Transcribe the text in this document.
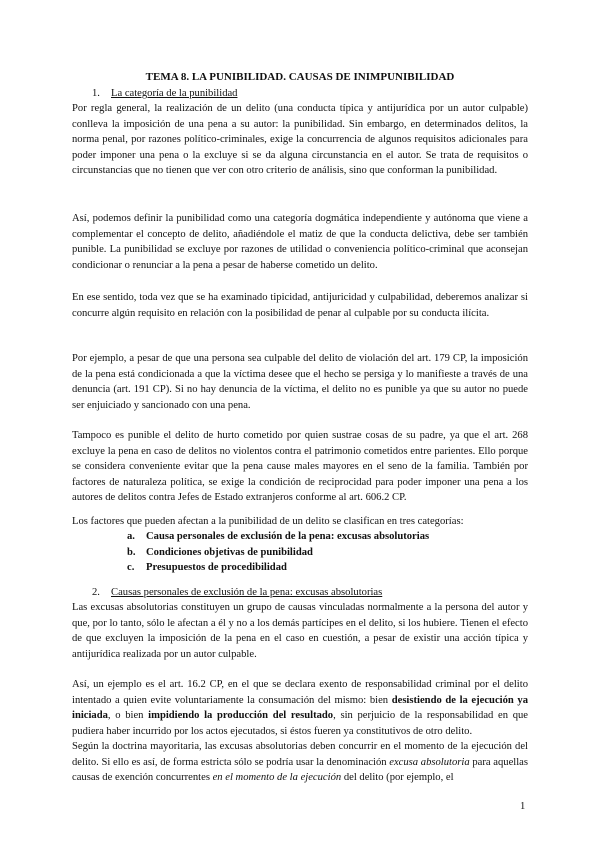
TEMA 8. LA PUNIBILIDAD. CAUSAS DE INIMPUNIBILIDAD
1. La categoría de la punibilidad
Por regla general, la realización de un delito (una conducta típica y antijurídica por un autor culpable) conlleva la imposición de una pena a su autor: la punibilidad. Sin embargo, en determinados delitos, la norma penal, por razones político-criminales, exige la concurrencia de algunos requisitos adicionales para poder imponer una pena o la excluye si se da alguna circunstancia en el autor. Se trata de requisitos o circunstancias que no tienen que ver con otro criterio de análisis, sino que conforman la punibilidad.
Así, podemos definir la punibilidad como una categoría dogmática independiente y autónoma que viene a complementar el concepto de delito, añadiéndole el matiz de que la conducta delictiva, debe ser también punible. La punibilidad se excluye por razones de utilidad o conveniencia político-criminal que aconsejan condicionar o renunciar a la pena a pesar de haberse cometido un delito.
En ese sentido, toda vez que se ha examinado tipicidad, antijuricidad y culpabilidad, deberemos analizar si concurre algún requisito en relación con la posibilidad de penar al culpable por su conducta ilícita.
Por ejemplo, a pesar de que una persona sea culpable del delito de violación del art. 179 CP, la imposición de la pena está condicionada a que la víctima desee que el hecho se persiga y lo manifieste a través de una denuncia (art. 191 CP). Si no hay denuncia de la víctima, el delito no es punible ya que su autor no puede ser enjuiciado y sancionado con una pena.
Tampoco es punible el delito de hurto cometido por quien sustrae cosas de su padre, ya que el art. 268 excluye la pena en caso de delitos no violentos contra el patrimonio cometidos entre parientes. Ello porque se considera conveniente evitar que la pena cause males mayores en el seno de la familia. También por factores de naturaleza política, se exige la condición de reciprocidad para poder imponer una pena a los autores de delitos contra Jefes de Estado extranjeros conforme al art. 606.2 CP.
Los factores que pueden afectan a la punibilidad de un delito se clasifican en tres categorías:
a. Causa personales de exclusión de la pena: excusas absolutorias
b. Condiciones objetivas de punibilidad
c. Presupuestos de procedibilidad
2. Causas personales de exclusión de la pena: excusas absolutorias
Las excusas absolutorias constituyen un grupo de causas vinculadas normalmente a la persona del autor y que, por lo tanto, sólo le afectan a él y no a los demás partícipes en el delito, si los hubiere. Tienen el efecto de que excluyen la imposición de la pena en el caso en cuestión, a pesar de existir una acción típica y antijurídica realizada por un autor culpable.
Así, un ejemplo es el art. 16.2 CP, en el que se declara exento de responsabilidad criminal por el delito intentado a quien evite voluntariamente la consumación del mismo: bien desistiendo de la ejecución ya iniciada, o bien impidiendo la producción del resultado, sin perjuicio de la responsabilidad en que pudiera haber incurrido por los actos ejecutados, si éstos fueren ya constitutivos de otro delito.
Según la doctrina mayoritaria, las excusas absolutorias deben concurrir en el momento de la ejecución del delito. Si ello es así, de forma estricta sólo se podría usar la denominación excusa absolutoria para aquellas causas de exención concurrentes en el momento de la ejecución del delito (por ejemplo, el
1
